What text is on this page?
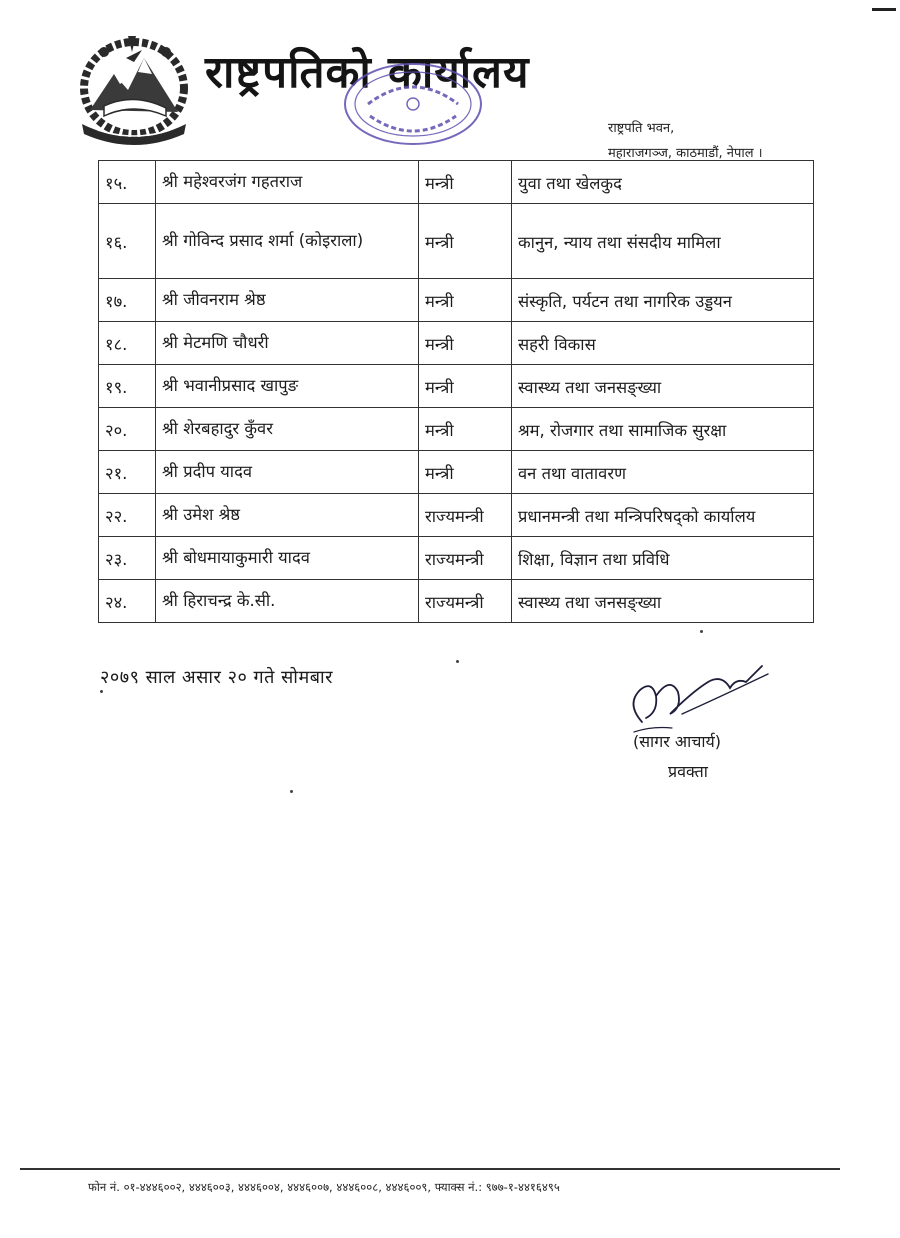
राष्ट्रपतिको कार्यालय
राष्ट्रपति भवन,
महाराजगञ्ज, काठमाडौं, नेपाल ।
१५.	श्री महेश्वरजंग गहतराज	मन्त्री	युवा तथा खेलकुद
१६.	श्री गोविन्द प्रसाद शर्मा (कोइराला)	मन्त्री	कानुन, न्याय तथा संसदीय मामिला
१७.	श्री जीवनराम श्रेष्ठ	मन्त्री	संस्कृति, पर्यटन तथा नागरिक उड्डयन
१८.	श्री मेटमणि चौधरी	मन्त्री	सहरी विकास
१९.	श्री भवानीप्रसाद खापुङ	मन्त्री	स्वास्थ्य तथा जनसङ्ख्या
२०.	श्री शेरबहादुर कुँवर	मन्त्री	श्रम, रोजगार तथा सामाजिक सुरक्षा
२१.	श्री प्रदीप यादव	मन्त्री	वन तथा वातावरण
२२.	श्री उमेश श्रेष्ठ	राज्यमन्त्री	प्रधानमन्त्री तथा मन्त्रिपरिषद्को कार्यालय
२३.	श्री बोधमायाकुमारी यादव	राज्यमन्त्री	शिक्षा, विज्ञान तथा प्रविधि
२४.	श्री हिराचन्द्र के.सी.	राज्यमन्त्री	स्वास्थ्य तथा जनसङ्ख्या
२०७९ साल असार २० गते सोमबार
(सागर आचार्य)
प्रवक्ता
फोन नं. ०१-४४४६००२, ४४४६००३, ४४४६००४, ४४४६००७, ४४४६००८, ४४४६००९, फ्याक्स नं.: ९७७-१-४४१६४९५
